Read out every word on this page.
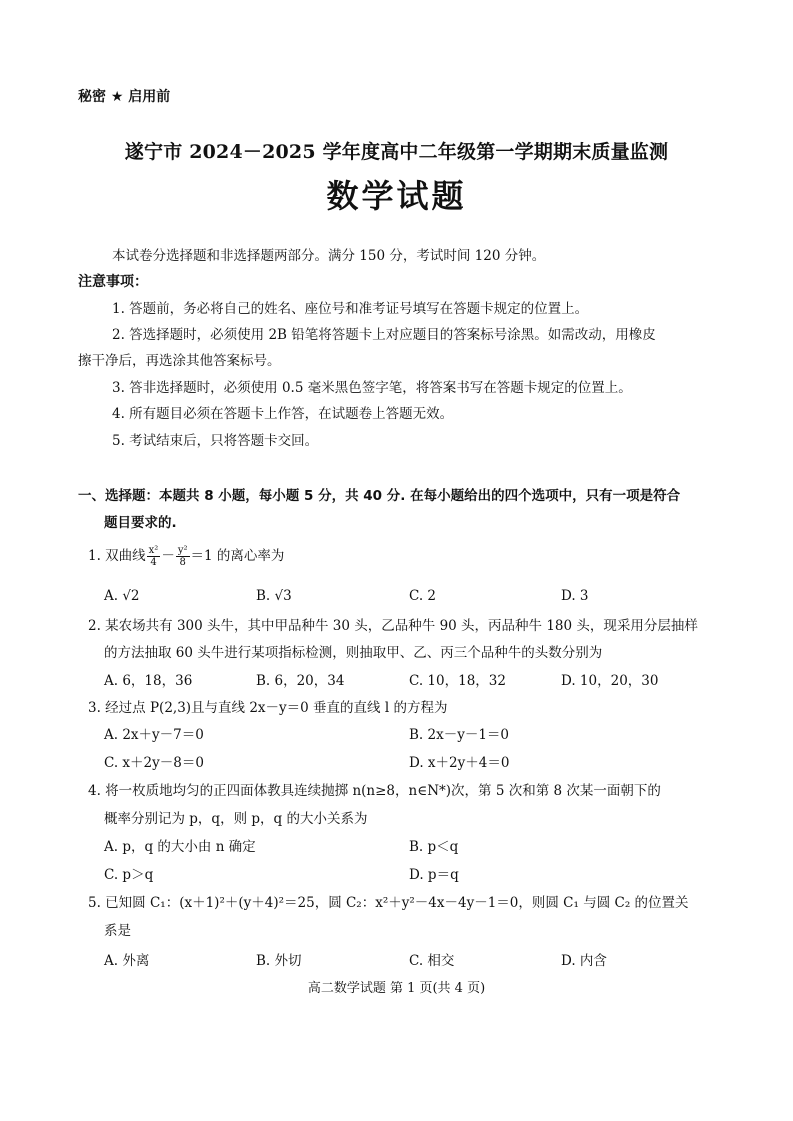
秘密 ★ 启用前
遂宁市 2024－2025 学年度高中二年级第一学期期末质量监测
数学试题
本试卷分选择题和非选择题两部分。满分 150 分，考试时间 120 分钟。
注意事项：
1. 答题前，务必将自己的姓名、座位号和准考证号填写在答题卡规定的位置上。
2. 答选择题时，必须使用 2B 铅笔将答题卡上对应题目的答案标号涂黑。如需改动，用橡皮
擦干净后，再选涂其他答案标号。
3. 答非选择题时，必须使用 0.5 毫米黑色签字笔，将答案书写在答题卡规定的位置上。
4. 所有题目必须在答题卡上作答，在试题卷上答题无效。
5. 考试结束后，只将答题卡交回。
一、选择题：本题共 8 小题，每小题 5 分，共 40 分. 在每小题给出的四个选项中，只有一项是符合
题目要求的.
1. 双曲线 $\frac{\text{x²}}{4} - \frac{\text{y²}}{8} =1$ 的离心率为
A. √2	B. √3	C. 2	D. 3
2. 某农场共有 300 头牛，其中甲品种牛 30 头，乙品种牛 90 头，丙品种牛 180 头，现采用分层抽样
的方法抽取 60 头牛进行某项指标检测，则抽取甲、乙、丙三个品种牛的头数分别为
A. 6，18，36	B. 6，20，34	C. 10，18，32	D. 10，20，30
3. 经过点 P(2,3)且与直线 2x－y＝0 垂直的直线 l 的方程为
A. 2x＋y－7＝0	B. 2x－y－1＝0
C. x＋2y－8＝0	D. x＋2y＋4＝0
4. 将一枚质地均匀的正四面体教具连续抛掷 n(n≥8，n∈N*)次，第 5 次和第 8 次某一面朝下的
概率分别记为 p，q，则 p，q 的大小关系为
A. p，q 的大小由 n 确定	B. p＜q
C. p＞q	D. p＝q
5. 已知圆 C₁：(x＋1)²＋(y＋4)²＝25，圆 C₂：x²＋y²－4x－4y－1＝0，则圆 C₁ 与圆 C₂ 的位置关
系是
A. 外离	B. 外切	C. 相交	D. 内含
高二数学试题 第 1 页(共 4 页)
